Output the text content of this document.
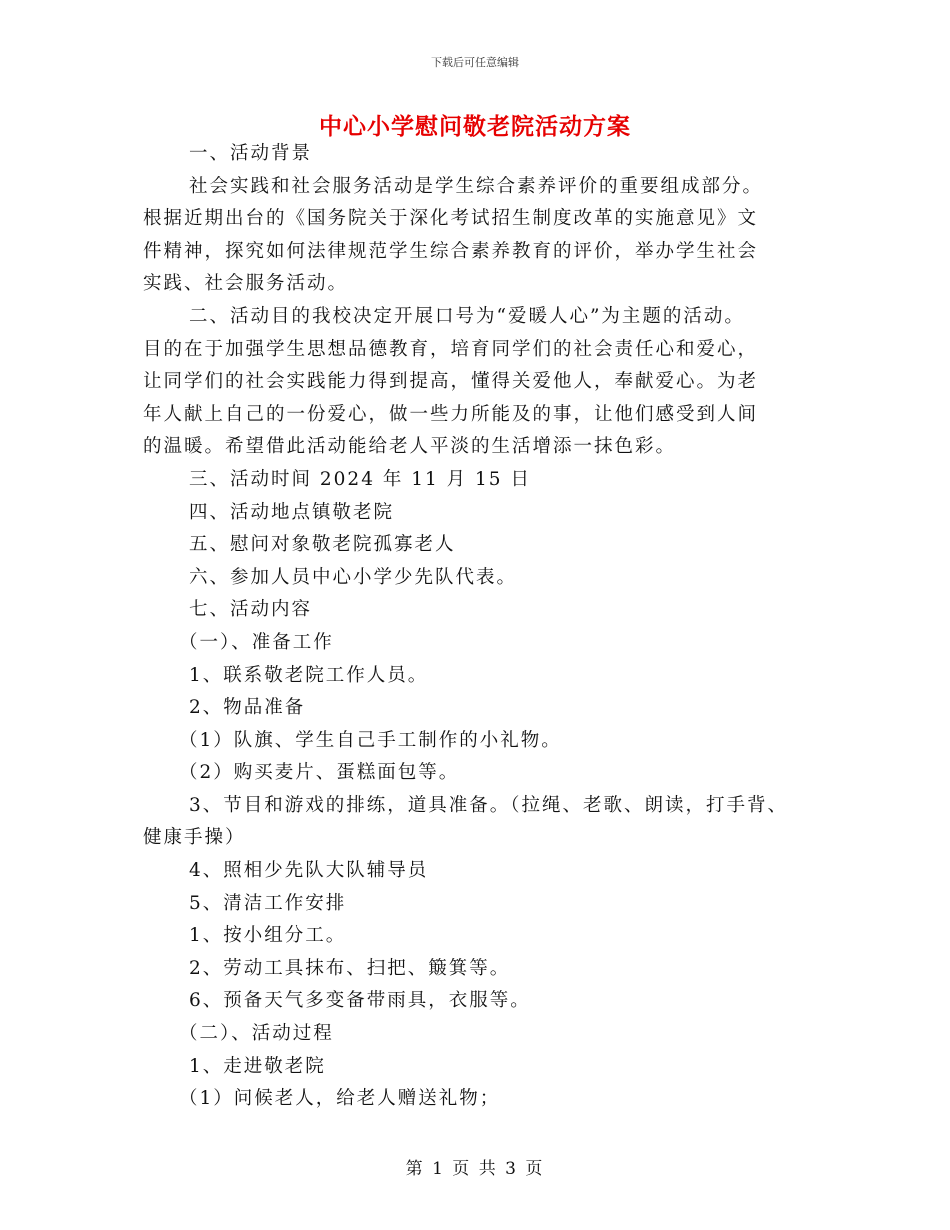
下载后可任意编辑
中心小学慰问敬老院活动方案

一、活动背景

社会实践和社会服务活动是学生综合素养评价的重要组成部分。

根据近期出台的《国务院关于深化考试招生制度改革的实施意见》文

件精神，探究如何法律规范学生综合素养教育的评价，举办学生社会

实践、社会服务活动。

二、活动目的我校决定开展口号为“爱暖人心”为主题的活动。

目的在于加强学生思想品德教育，培育同学们的社会责任心和爱心，

让同学们的社会实践能力得到提高，懂得关爱他人，奉献爱心。为老

年人献上自己的一份爱心，做一些力所能及的事，让他们感受到人间

的温暖。希望借此活动能给老人平淡的生活增添一抹色彩。

三、活动时间 2024 年 11 月 15 日

四、活动地点镇敬老院

五、慰问对象敬老院孤寡老人

六、参加人员中心小学少先队代表。

七、活动内容

（一）、准备工作

1、联系敬老院工作人员。

2、物品准备

（1）队旗、学生自己手工制作的小礼物。

（2）购买麦片、蛋糕面包等。

3、节目和游戏的排练，道具准备。（拉绳、老歌、朗读，打手背、

健康手操）

4、照相少先队大队辅导员

5、清洁工作安排

1、按小组分工。

2、劳动工具抹布、扫把、簸箕等。

6、预备天气多变备带雨具，衣服等。

（二）、活动过程

1、走进敬老院

（1）问候老人，给老人赠送礼物；

第 1 页 共 3 页
